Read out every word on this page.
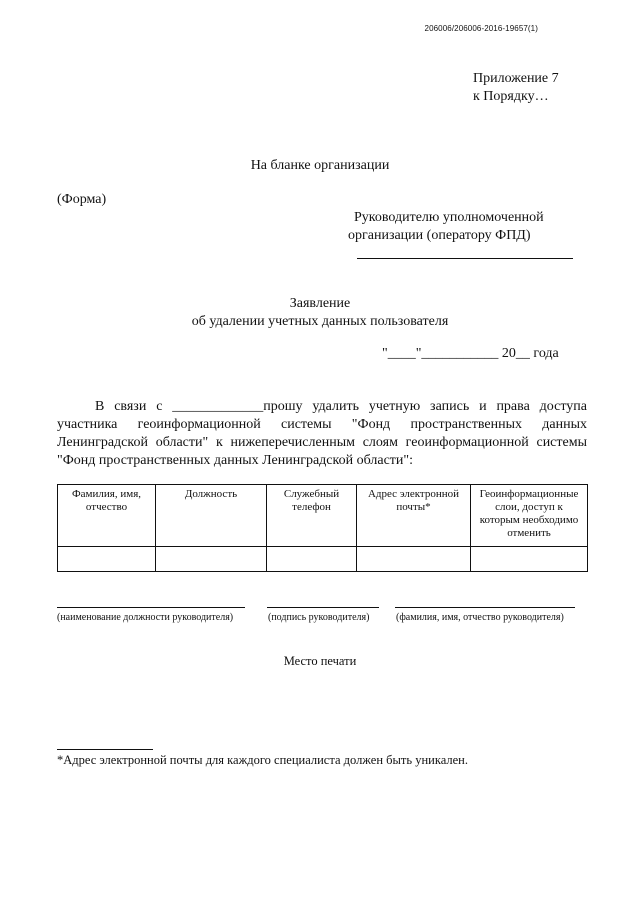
206006/206006-2016-19657(1)
Приложение 7
к Порядку…
На бланке организации
(Форма)
Руководителю уполномоченной
организации (оператору ФПД)
Заявление
об удалении учетных данных пользователя
"____"___________ 20__ года
В связи с _____________прошу удалить учетную запись и права доступа участника геоинформационной системы "Фонд пространственных данных Ленинградской области" к нижеперечисленным слоям геоинформационной системы "Фонд пространственных данных Ленинградской области":
Фамилия, имя, отчество	Должность	Служебный телефон	Адрес электронной почты*	Геоинформационные слои, доступ к которым необходимо отменить

(наименование должности руководителя)	(подпись руководителя)	(фамилия, имя, отчество руководителя)
Место печати
*Адрес электронной почты для каждого специалиста должен быть уникален.
